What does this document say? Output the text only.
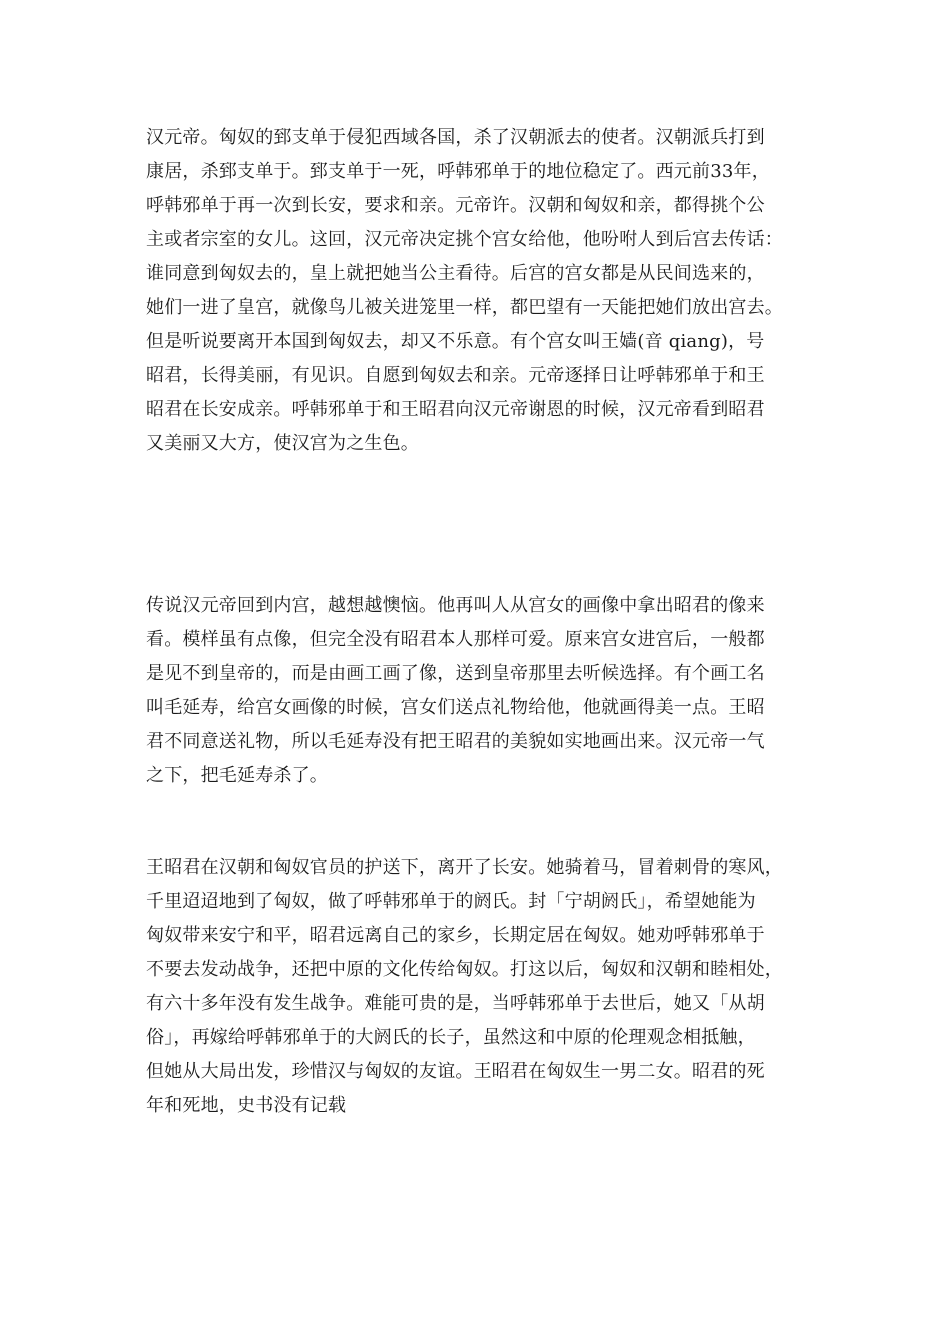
汉元帝。匈奴的郅支单于侵犯西域各国，杀了汉朝派去的使者。汉朝派兵打到
康居，杀郅支单于。郅支单于一死，呼韩邪单于的地位稳定了。西元前33年，
呼韩邪单于再一次到长安，要求和亲。元帝许。汉朝和匈奴和亲，都得挑个公
主或者宗室的女儿。这回，汉元帝决定挑个宫女给他，他吩咐人到后宫去传话：
谁同意到匈奴去的，皇上就把她当公主看待。后宫的宫女都是从民间选来的，
她们一进了皇宫，就像鸟儿被关进笼里一样，都巴望有一天能把她们放出宫去。
但是听说要离开本国到匈奴去，却又不乐意。有个宫女叫王嫱(音 qiang)，号
昭君，长得美丽，有见识。自愿到匈奴去和亲。元帝逐择日让呼韩邪单于和王
昭君在长安成亲。呼韩邪单于和王昭君向汉元帝谢恩的时候，汉元帝看到昭君
又美丽又大方，使汉宫为之生色。
传说汉元帝回到内宫，越想越懊恼。他再叫人从宫女的画像中拿出昭君的像来
看。模样虽有点像，但完全没有昭君本人那样可爱。原来宫女进宫后，一般都
是见不到皇帝的，而是由画工画了像，送到皇帝那里去听候选择。有个画工名
叫毛延寿，给宫女画像的时候，宫女们送点礼物给他，他就画得美一点。王昭
君不同意送礼物，所以毛延寿没有把王昭君的美貌如实地画出来。汉元帝一气
之下，把毛延寿杀了。
王昭君在汉朝和匈奴官员的护送下，离开了长安。她骑着马，冒着刺骨的寒风，
千里迢迢地到了匈奴，做了呼韩邪单于的阏氏。封「宁胡阏氏」，希望她能为
匈奴带来安宁和平，昭君远离自己的家乡，长期定居在匈奴。她劝呼韩邪单于
不要去发动战争，还把中原的文化传给匈奴。打这以后，匈奴和汉朝和睦相处，
有六十多年没有发生战争。难能可贵的是，当呼韩邪单于去世后，她又「从胡
俗」，再嫁给呼韩邪单于的大阏氏的长子，虽然这和中原的伦理观念相抵触，
但她从大局出发，珍惜汉与匈奴的友谊。王昭君在匈奴生一男二女。昭君的死
年和死地，史书没有记载
